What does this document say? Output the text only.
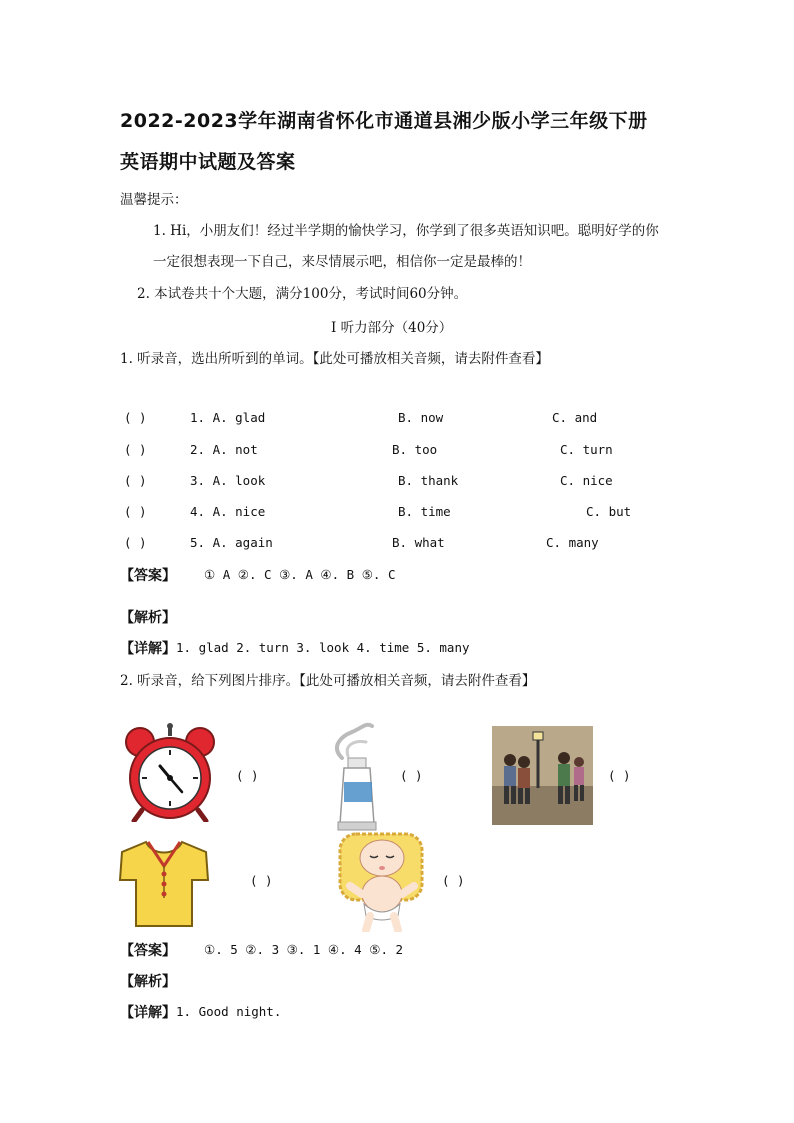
2022-2023学年湖南省怀化市通道县湘少版小学三年级下册
英语期中试题及答案
温馨提示：
1. Hi，小朋友们！经过半学期的愉快学习，你学到了很多英语知识吧。聪明好学的你
一定很想表现一下自己，来尽情展示吧，相信你一定是最棒的！
2. 本试卷共十个大题，满分100分，考试时间60分钟。
I 听力部分（40分）
1. 听录音，选出所听到的单词。【此处可播放相关音频，请去附件查看】
( )	1. A. glad	B. now	C. and
( )	2. A. not	B. too	C. turn
( )	3. A. look	B. thank	C. nice
( )	4. A. nice	B. time	C. but
( )	5. A. again	B. what	C. many
【答案】 ① A ②. C ③. A ④. B ⑤. C
【解析】
【详解】 1. glad 2. turn 3. look 4. time 5. many
2. 听录音，给下列图片排序。【此处可播放相关音频，请去附件查看】
( )	( )	( )
( )	( )
【答案】 ①. 5 ②. 3 ③. 1 ④. 4 ⑤. 2
【解析】
【详解】 1. Good night.
